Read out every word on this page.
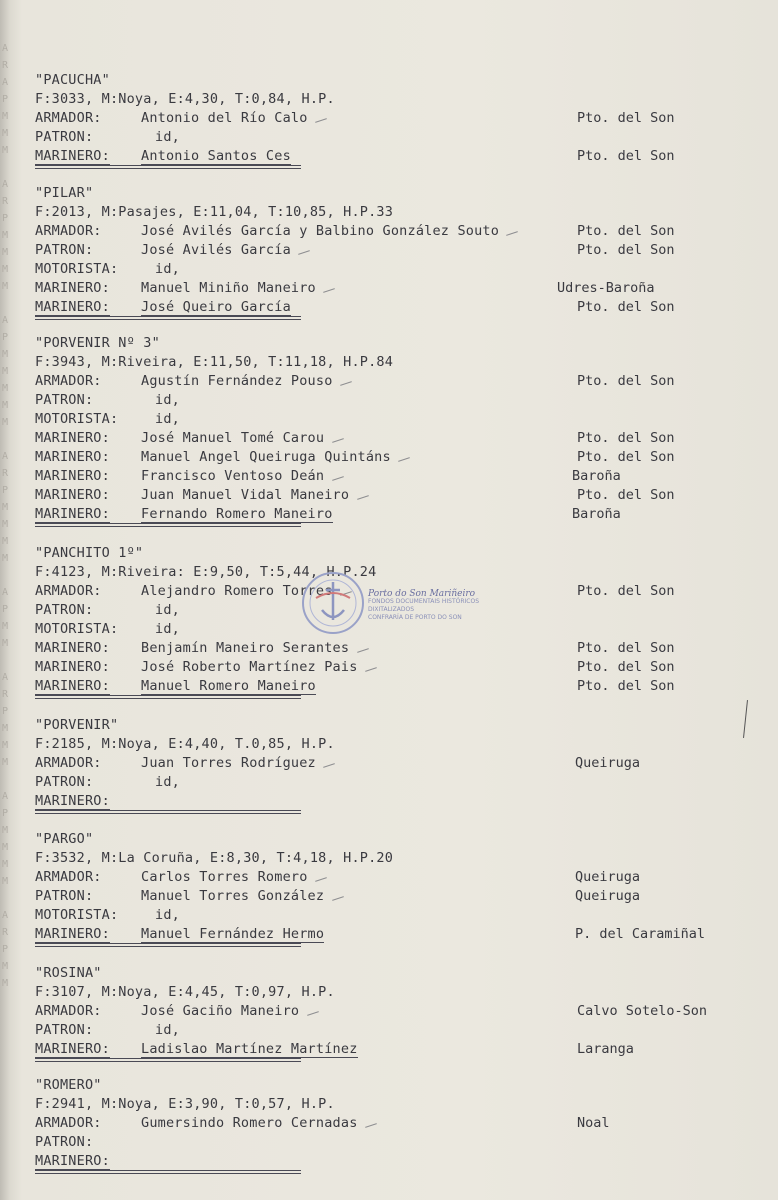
A
R
A
P
M
M
M

A
R
P
M
M
M
M

A
P
M
M
M
M
M

A
R
P
M
M
M
M

A
P
M
M

A
R
P
M
M
M

A
P
M
M
M
M

A
R
P
M
M
"PACUCHA"
F:3033, M:Noya, E:4,30, T:0,84, H.P.
ARMADOR:	Antonio del Río Calo	Pto. del Son
PATRON:	id,
MARINERO: Antonio Santos Ces	Pto. del Son
"PILAR"
F:2013, M:Pasajes, E:11,04, T:10,85, H.P.33
ARMADOR:	José Avilés García y Balbino González Souto	Pto. del Son
PATRON:	José Avilés García	Pto. del Son
MOTORISTA:	id,
MARINERO: Manuel Miniño Maneiro	Udres-Baroña
MARINERO: José Queiro García	Pto. del Son
"PORVENIR Nº 3"
F:3943, M:Riveira, E:11,50, T:11,18, H.P.84
ARMADOR:	Agustín Fernández Pouso	Pto. del Son
PATRON:	id,
MOTORISTA:	id,
MARINERO: José Manuel Tomé Carou	Pto. del Son
MARINERO: Manuel Angel Queiruga Quintáns	Pto. del Son
MARINERO: Francisco Ventoso Deán	Baroña
MARINERO: Juan Manuel Vidal Maneiro	Pto. del Son
MARINERO: Fernando Romero Maneiro	Baroña
"PANCHITO 1º"
F:4123, M:Riveira: E:9,50, T:5,44, H.P.24
ARMADOR:	Alejandro Romero Torres	Pto. del Son
PATRON:	id,
MOTORISTA:	id,
MARINERO: Benjamín Maneiro Serantes	Pto. del Son
MARINERO: José Roberto Martínez Pais	Pto. del Son
MARINERO: Manuel Romero Maneiro	Pto. del Son
"PORVENIR"
F:2185, M:Noya, E:4,40, T.0,85, H.P.
ARMADOR:	Juan Torres Rodríguez	Queiruga
PATRON:	id,
MARINERO:
"PARGO"
F:3532, M:La Coruña, E:8,30, T:4,18, H.P.20
ARMADOR:	Carlos Torres Romero	Queiruga
PATRON:	Manuel Torres González	Queiruga
MOTORISTA:	id,
MARINERO: Manuel Fernández Hermo	P. del Caramiñal
"ROSINA"
F:3107, M:Noya, E:4,45, T:0,97, H.P.
ARMADOR:	José Gaciño Maneiro	Calvo Sotelo-Son
PATRON:	id,
MARINERO: Ladislao Martínez Martínez	Laranga
"ROMERO"
F:2941, M:Noya, E:3,90, T:0,57, H.P.
ARMADOR:	Gumersindo Romero Cernadas	Noal
PATRON:
MARINERO:
Porto do Son Mariñeiro
FONDOS DOCUMENTAIS HISTÓRICOS DIXITALIZADOS
CONFRARÍA DE PORTO DO SON
